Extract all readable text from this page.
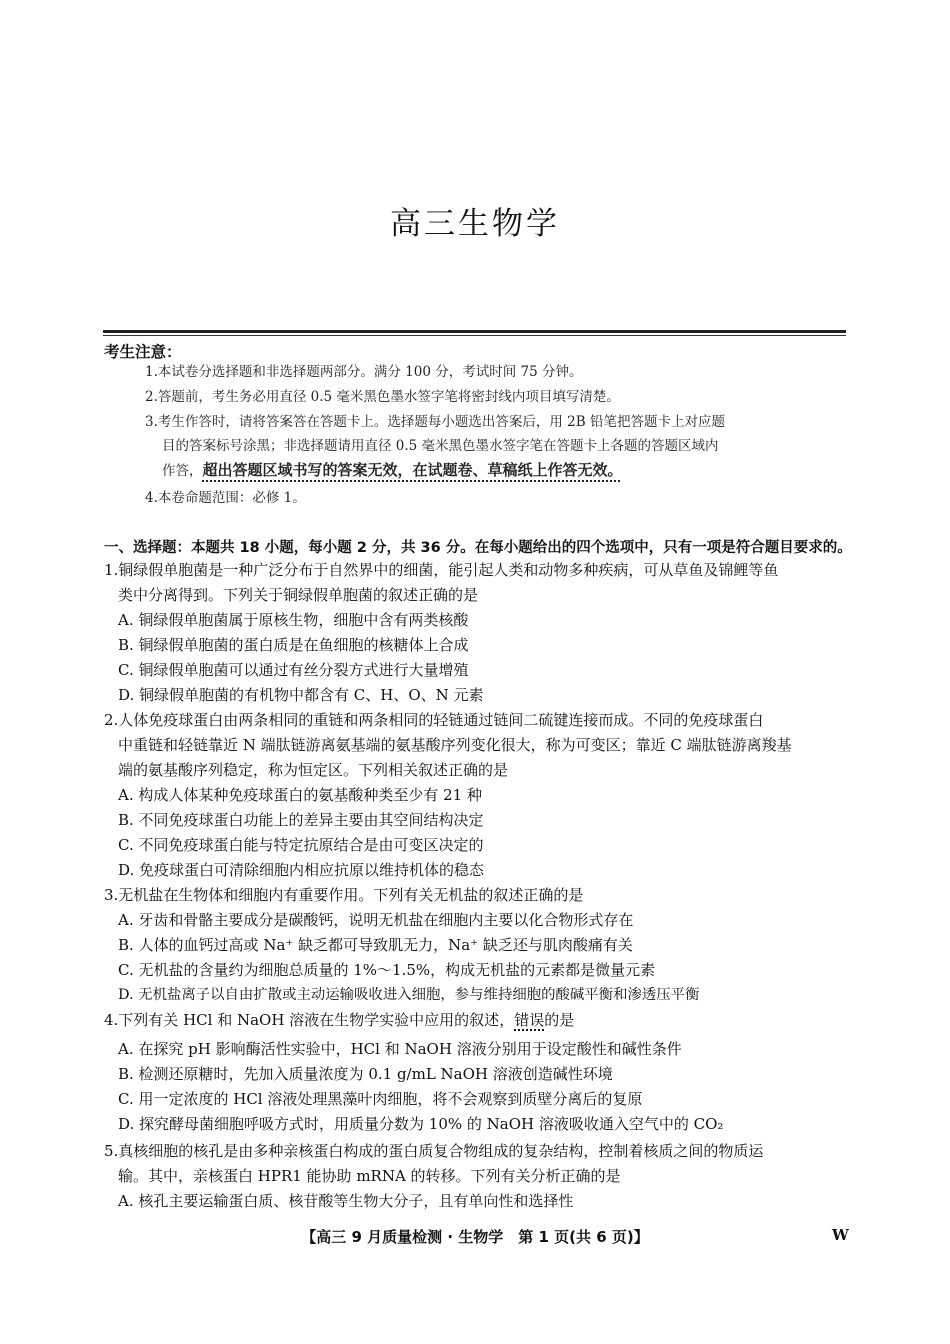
高三生物学
考生注意：
1.本试卷分选择题和非选择题两部分。满分 100 分，考试时间 75 分钟。
2.答题前，考生务必用直径 0.5 毫米黑色墨水签字笔将密封线内项目填写清楚。
3.考生作答时，请将答案答在答题卡上。选择题每小题选出答案后，用 2B 铅笔把答题卡上对应题
目的答案标号涂黑；非选择题请用直径 0.5 毫米黑色墨水签字笔在答题卡上各题的答题区域内
作答，超出答题区域书写的答案无效，在试题卷、草稿纸上作答无效。
4.本卷命题范围：必修 1。
一、选择题：本题共 18 小题，每小题 2 分，共 36 分。在每小题给出的四个选项中，只有一项是符合题目要求的。
1.铜绿假单胞菌是一种广泛分布于自然界中的细菌，能引起人类和动物多种疾病，可从草鱼及锦鲤等鱼
类中分离得到。下列关于铜绿假单胞菌的叙述正确的是
A. 铜绿假单胞菌属于原核生物，细胞中含有两类核酸
B. 铜绿假单胞菌的蛋白质是在鱼细胞的核糖体上合成
C. 铜绿假单胞菌可以通过有丝分裂方式进行大量增殖
D. 铜绿假单胞菌的有机物中都含有 C、H、O、N 元素
2.人体免疫球蛋白由两条相同的重链和两条相同的轻链通过链间二硫键连接而成。不同的免疫球蛋白
中重链和轻链靠近 N 端肽链游离氨基端的氨基酸序列变化很大，称为可变区；靠近 C 端肽链游离羧基
端的氨基酸序列稳定，称为恒定区。下列相关叙述正确的是
A. 构成人体某种免疫球蛋白的氨基酸种类至少有 21 种
B. 不同免疫球蛋白功能上的差异主要由其空间结构决定
C. 不同免疫球蛋白能与特定抗原结合是由可变区决定的
D. 免疫球蛋白可清除细胞内相应抗原以维持机体的稳态
3.无机盐在生物体和细胞内有重要作用。下列有关无机盐的叙述正确的是
A. 牙齿和骨骼主要成分是碳酸钙，说明无机盐在细胞内主要以化合物形式存在
B. 人体的血钙过高或 Na⁺ 缺乏都可导致肌无力，Na⁺ 缺乏还与肌肉酸痛有关
C. 无机盐的含量约为细胞总质量的 1%～1.5%，构成无机盐的元素都是微量元素
D. 无机盐离子以自由扩散或主动运输吸收进入细胞，参与维持细胞的酸碱平衡和渗透压平衡
4.下列有关 HCl 和 NaOH 溶液在生物学实验中应用的叙述，错误的是
A. 在探究 pH 影响酶活性实验中，HCl 和 NaOH 溶液分别用于设定酸性和碱性条件
B. 检测还原糖时，先加入质量浓度为 0.1 g/mL NaOH 溶液创造碱性环境
C. 用一定浓度的 HCl 溶液处理黑藻叶肉细胞，将不会观察到质壁分离后的复原
D. 探究酵母菌细胞呼吸方式时，用质量分数为 10% 的 NaOH 溶液吸收通入空气中的 CO₂
5.真核细胞的核孔是由多种亲核蛋白构成的蛋白质复合物组成的复杂结构，控制着核质之间的物质运
输。其中，亲核蛋白 HPR1 能协助 mRNA 的转移。下列有关分析正确的是
A. 核孔主要运输蛋白质、核苷酸等生物大分子，且有单向性和选择性
【高三 9 月质量检测 · 生物学　第 1 页(共 6 页)】	W
